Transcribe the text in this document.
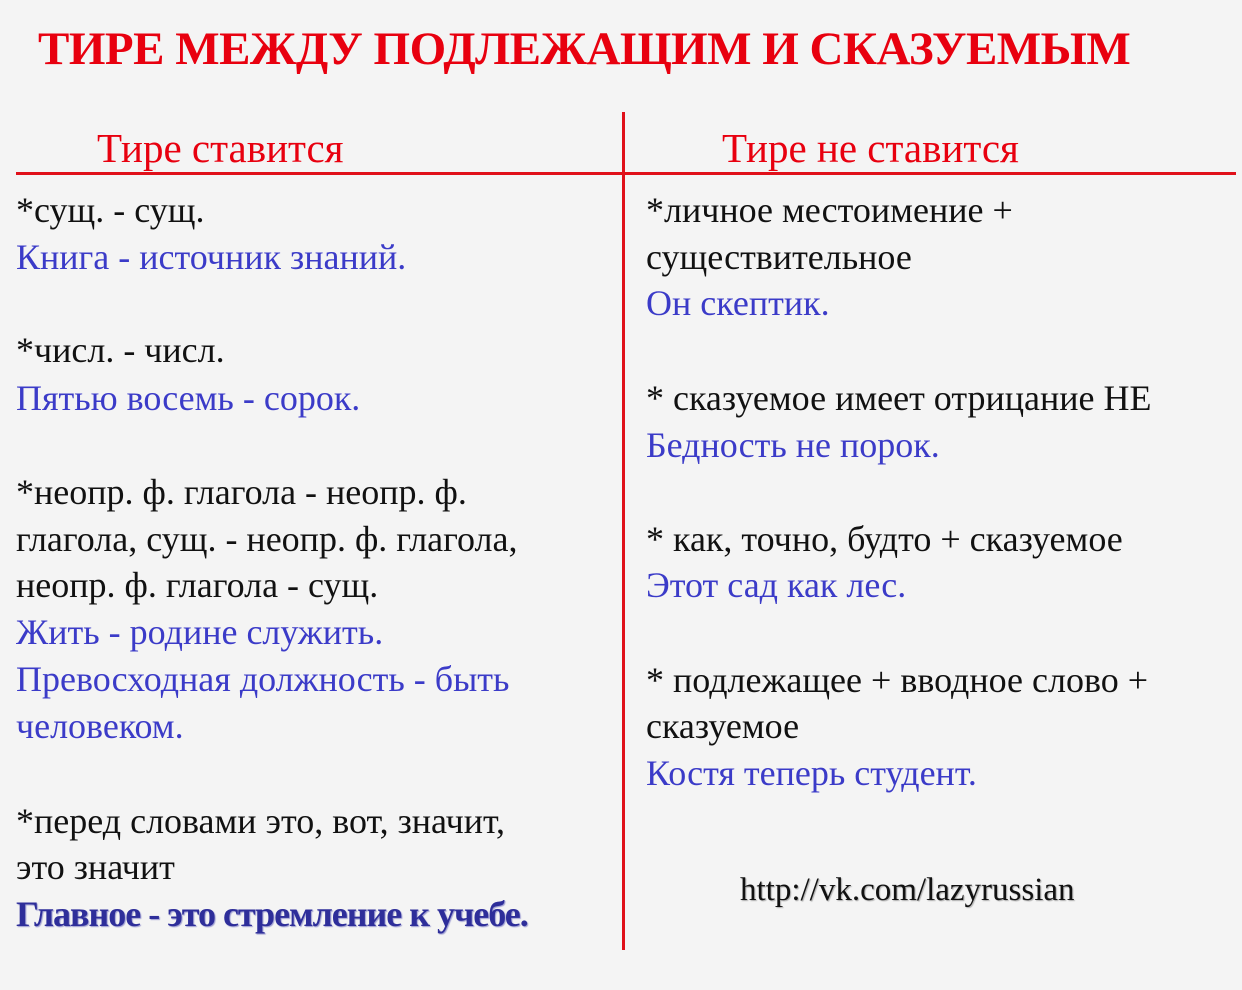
ТИРЕ МЕЖДУ ПОДЛЕЖАЩИМ И СКАЗУЕМЫМ
Тире ставится	Тире не ставится
*сущ. - сущ.
Книга - источник знаний.
*числ. - числ.
Пятью восемь - сорок.
*неопр. ф. глагола - неопр. ф.
глагола, сущ. - неопр. ф. глагола,
неопр. ф. глагола - сущ.
Жить - родине служить.
Превосходная должность - быть
человеком.
*перед словами это, вот, значит,
это значит
Главное - это стремление к учебе.
*личное местоимение +
существительное
Он скептик.
* сказуемое имеет отрицание НЕ
Бедность не порок.
* как, точно, будто + сказуемое
Этот сад как лес.
* подлежащее + вводное слово +
сказуемое
Костя теперь студент.
http://vk.com/lazyrussian
